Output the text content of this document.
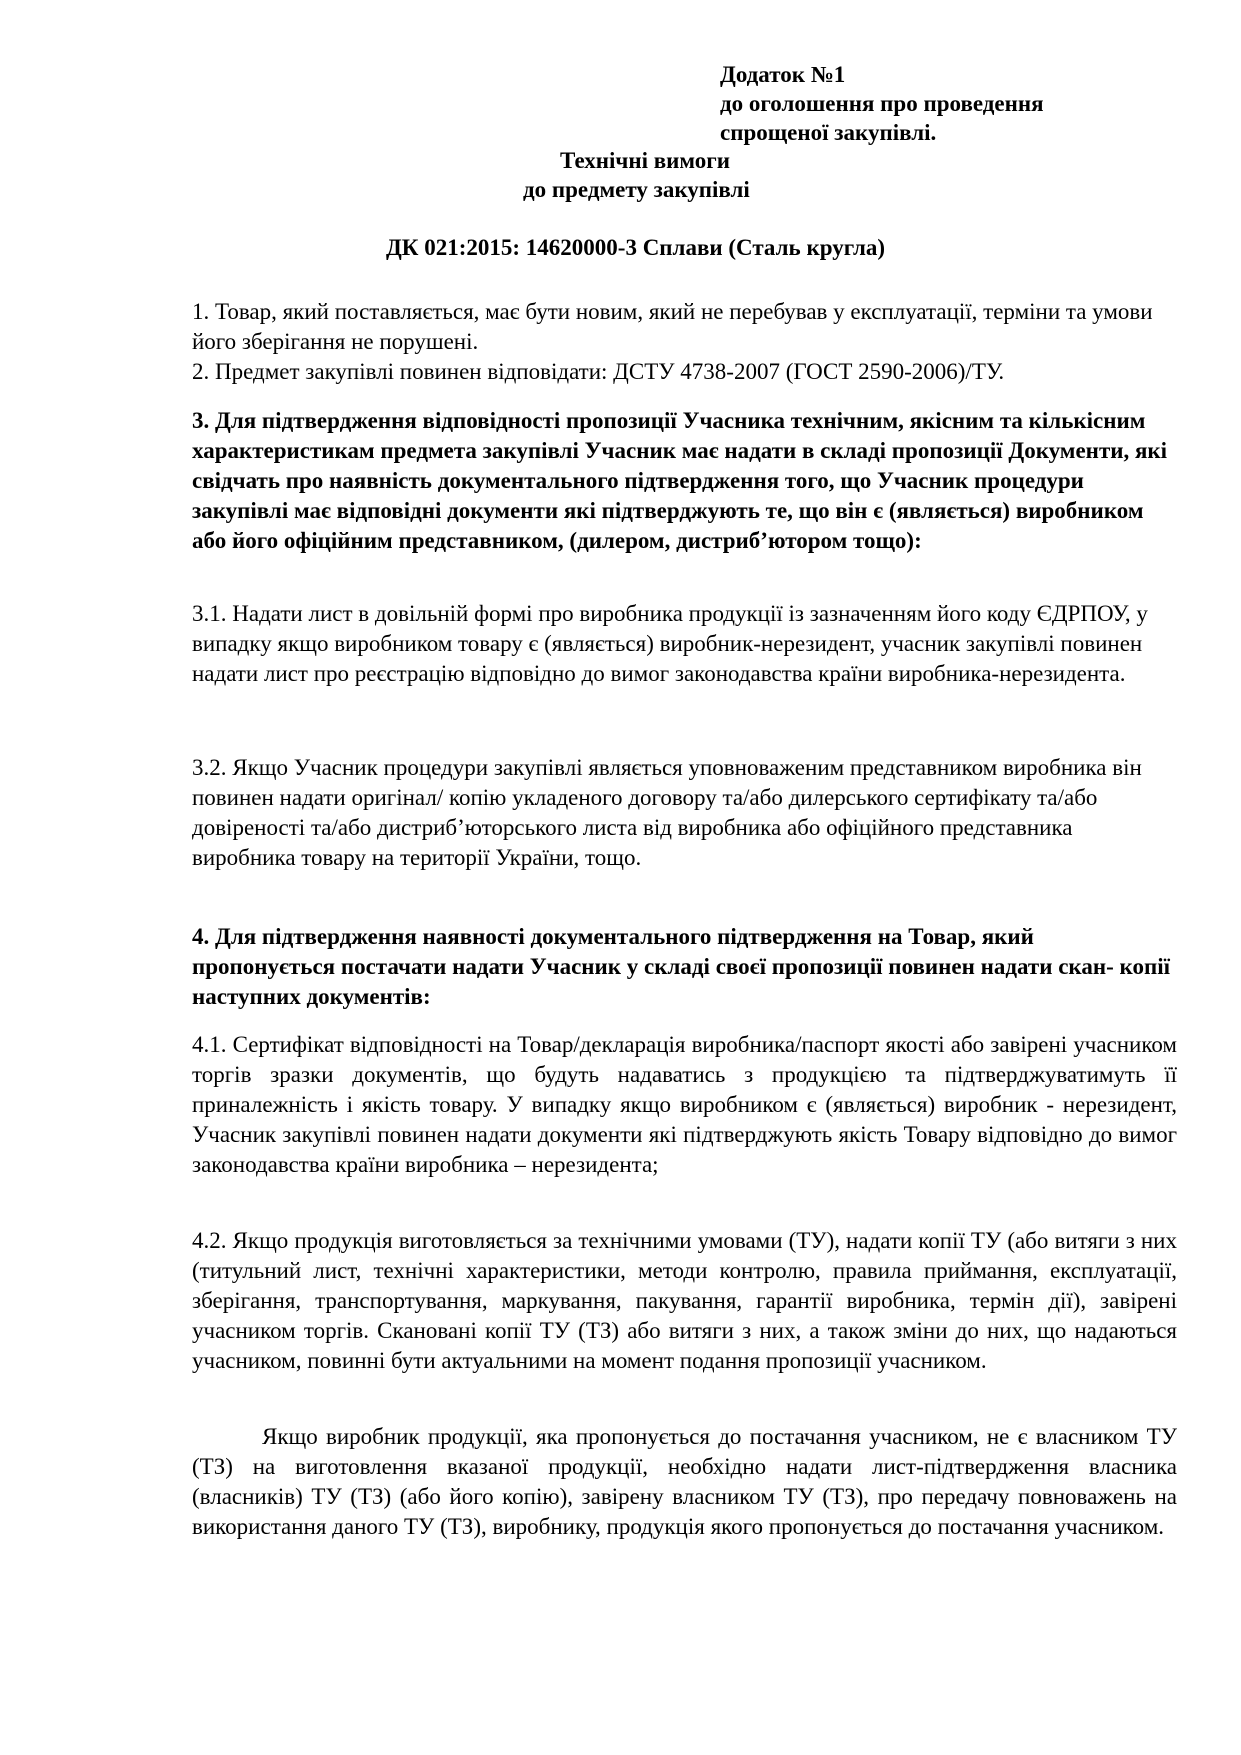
Додаток №1
до оголошення про проведення
спрощеної закупівлі.
Технічні вимоги
до предмету закупівлі
ДК 021:2015: 14620000-3 Сплави (Сталь кругла)

1. Товар, який поставляється, має бути новим, який не перебував у експлуатації, терміни та умови його зберігання не порушені.

2. Предмет закупівлі повинен відповідати: ДСТУ 4738-2007 (ГОСТ 2590-2006)/ТУ.

3. Для підтвердження відповідності пропозиції Учасника технічним, якісним та кількісним характеристикам предмета закупівлі Учасник має надати в складі пропозиції Документи, які свідчать про наявність документального підтвердження того, що Учасник процедури закупівлі має відповідні документи які підтверджують те, що він є (являється) виробником або його офіційним представником, (дилером, дистриб’ютором тощо):

3.1. Надати лист в довільній формі про виробника продукції із зазначенням його коду ЄДРПОУ, у випадку якщо виробником товару є (являється) виробник-нерезидент, учасник закупівлі повинен надати лист про реєстрацію відповідно до вимог законодавства країни виробника-нерезидента.

3.2. Якщо Учасник процедури закупівлі являється уповноваженим представником виробника він повинен надати оригінал/ копію укладеного договору та/або дилерського сертифікату та/або довіреності та/або дистриб’юторського листа від виробника або офіційного представника виробника товару на території України, тощо.

4. Для підтвердження наявності документального підтвердження на Товар, який пропонується постачати надати Учасник у складі своєї пропозиції повинен надати скан- копії наступних документів:

4.1. Сертифікат відповідності на Товар/декларація виробника/паспорт якості або завірені учасником торгів зразки документів, що будуть надаватись з продукцією та підтверджуватимуть її приналежність і якість товару. У випадку якщо виробником є (являється) виробник - нерезидент, Учасник закупівлі повинен надати документи які підтверджують якість Товару відповідно до вимог законодавства країни виробника – нерезидента;

4.2. Якщо продукція виготовляється за технічними умовами (ТУ), надати копії ТУ (або витяги з них (титульний лист, технічні характеристики, методи контролю, правила приймання, експлуатації, зберігання, транспортування, маркування, пакування, гарантії виробника, термін дії), завірені учасником торгів. Скановані копії ТУ (ТЗ) або витяги з них, а також зміни до них, що надаються учасником, повинні бути актуальними на момент подання пропозиції учасником.

Якщо виробник продукції, яка пропонується до постачання учасником, не є власником ТУ (ТЗ) на виготовлення вказаної продукції, необхідно надати лист-підтвердження власника (власників) ТУ (ТЗ) (або його копію), завірену власником ТУ (ТЗ), про передачу повноважень на використання даного ТУ (ТЗ), виробнику, продукція якого пропонується до постачання учасником.
